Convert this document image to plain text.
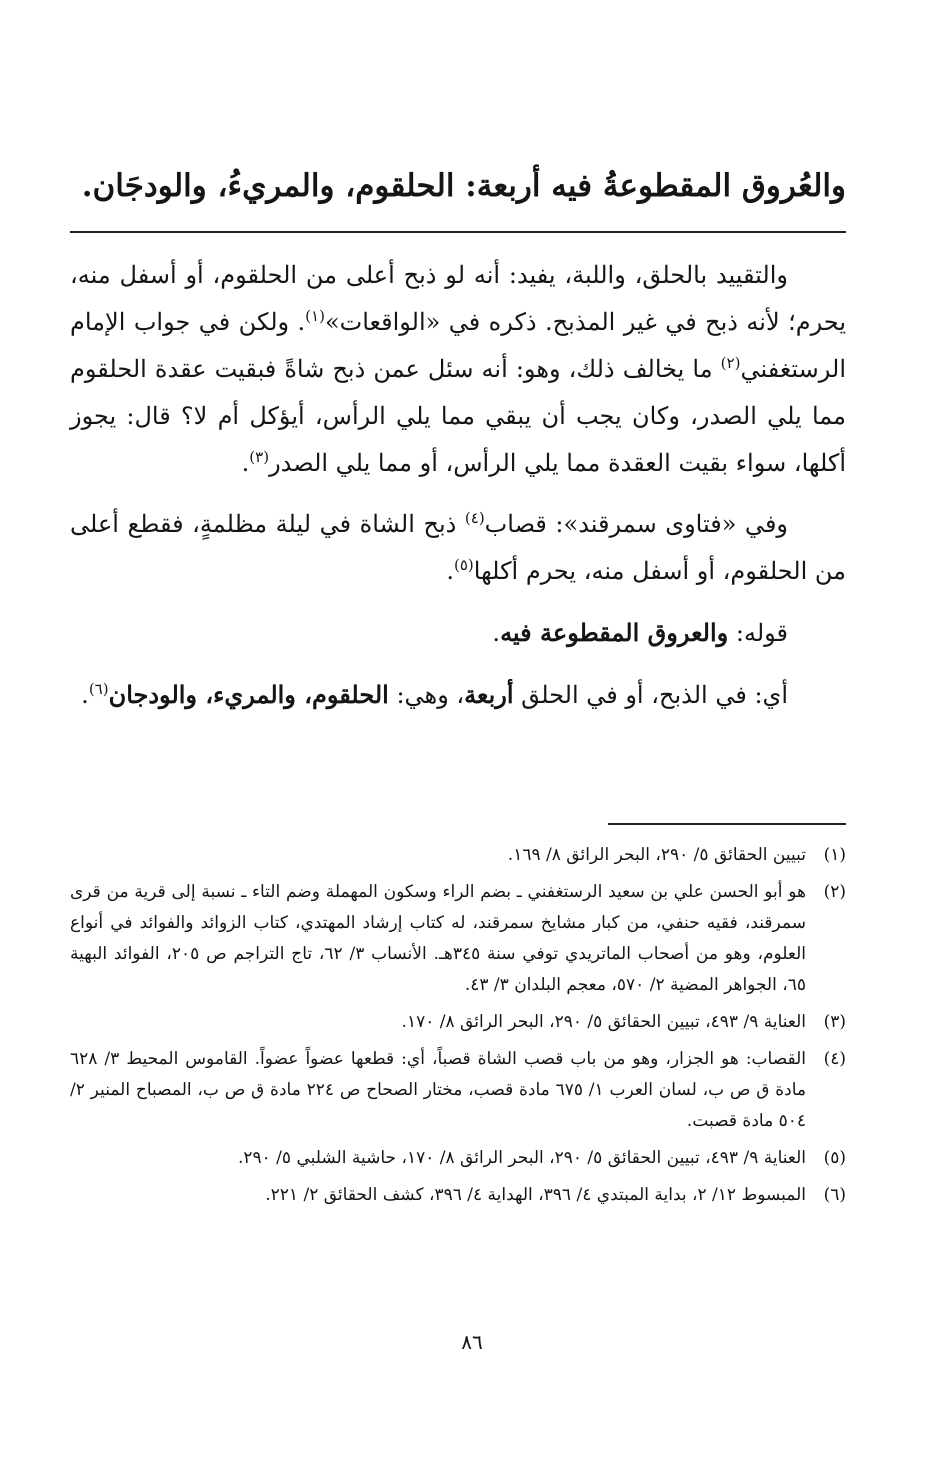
والعُروق المقطوعةُ فيه أربعة: الحلقوم، والمريءُ، والودجَان.

والتقييد بالحلق، واللبة، يفيد: أنه لو ذبح أعلى من الحلقوم، أو أسفل منه، يحرم؛ لأنه ذبح في غير المذبح. ذكره في «الواقعات»$^{(١)}$. ولكن في جواب الإمام الرستغفني$^{(٢)}$ ما يخالف ذلك، وهو: أنه سئل عمن ذبح شاةً فبقيت عقدة الحلقوم مما يلي الصدر، وكان يجب أن يبقي مما يلي الرأس، أيؤكل أم لا؟ قال: يجوز أكلها، سواء بقيت العقدة مما يلي الرأس، أو مما يلي الصدر$^{(٣)}$.

وفي «فتاوى سمرقند»: قصاب$^{(٤)}$ ذبح الشاة في ليلة مظلمةٍ، فقطع أعلى من الحلقوم، أو أسفل منه، يحرم أكلها$^{(٥)}$.

قوله: والعروق المقطوعة فيه.

أي: في الذبح، أو في الحلق أربعة، وهي: الحلقوم، والمريء، والودجان$^{(٦)}$.

(١)
تبيين الحقائق ٥/ ٢٩٠، البحر الرائق ٨/ ١٦٩.
(٢)
هو أبو الحسن علي بن سعيد الرستغفني ـ بضم الراء وسكون المهملة وضم التاء ـ نسبة إلى قرية من قرى سمرقند، فقيه حنفي، من كبار مشايخ سمرقند، له كتاب إرشاد المهتدي، كتاب الزوائد والفوائد في أنواع العلوم، وهو من أصحاب الماتريدي توفي سنة ٣٤٥هـ. الأنساب ٣/ ٦٢، تاج التراجم ص ٢٠٥، الفوائد البهية ٦٥، الجواهر المضية ٢/ ٥٧٠، معجم البلدان ٣/ ٤٣.
(٣)
العناية ٩/ ٤٩٣، تبيين الحقائق ٥/ ٢٩٠، البحر الرائق ٨/ ١٧٠.
(٤)
القصاب: هو الجزار، وهو من باب قصب الشاة قصباً، أي: قطعها عضواً عضواً. القاموس المحيط ٣/ ٦٢٨ مادة ق ص ب، لسان العرب ١/ ٦٧٥ مادة قصب، مختار الصحاح ص ٢٢٤ مادة ق ص ب، المصباح المنير ٢/ ٥٠٤ مادة قصبت.
(٥)
العناية ٩/ ٤٩٣، تبيين الحقائق ٥/ ٢٩٠، البحر الرائق ٨/ ١٧٠، حاشية الشلبي ٥/ ٢٩٠.
(٦)
المبسوط ١٢/ ٢، بداية المبتدي ٤/ ٣٩٦، الهداية ٤/ ٣٩٦، كشف الحقائق ٢/ ٢٢١.
٨٦
